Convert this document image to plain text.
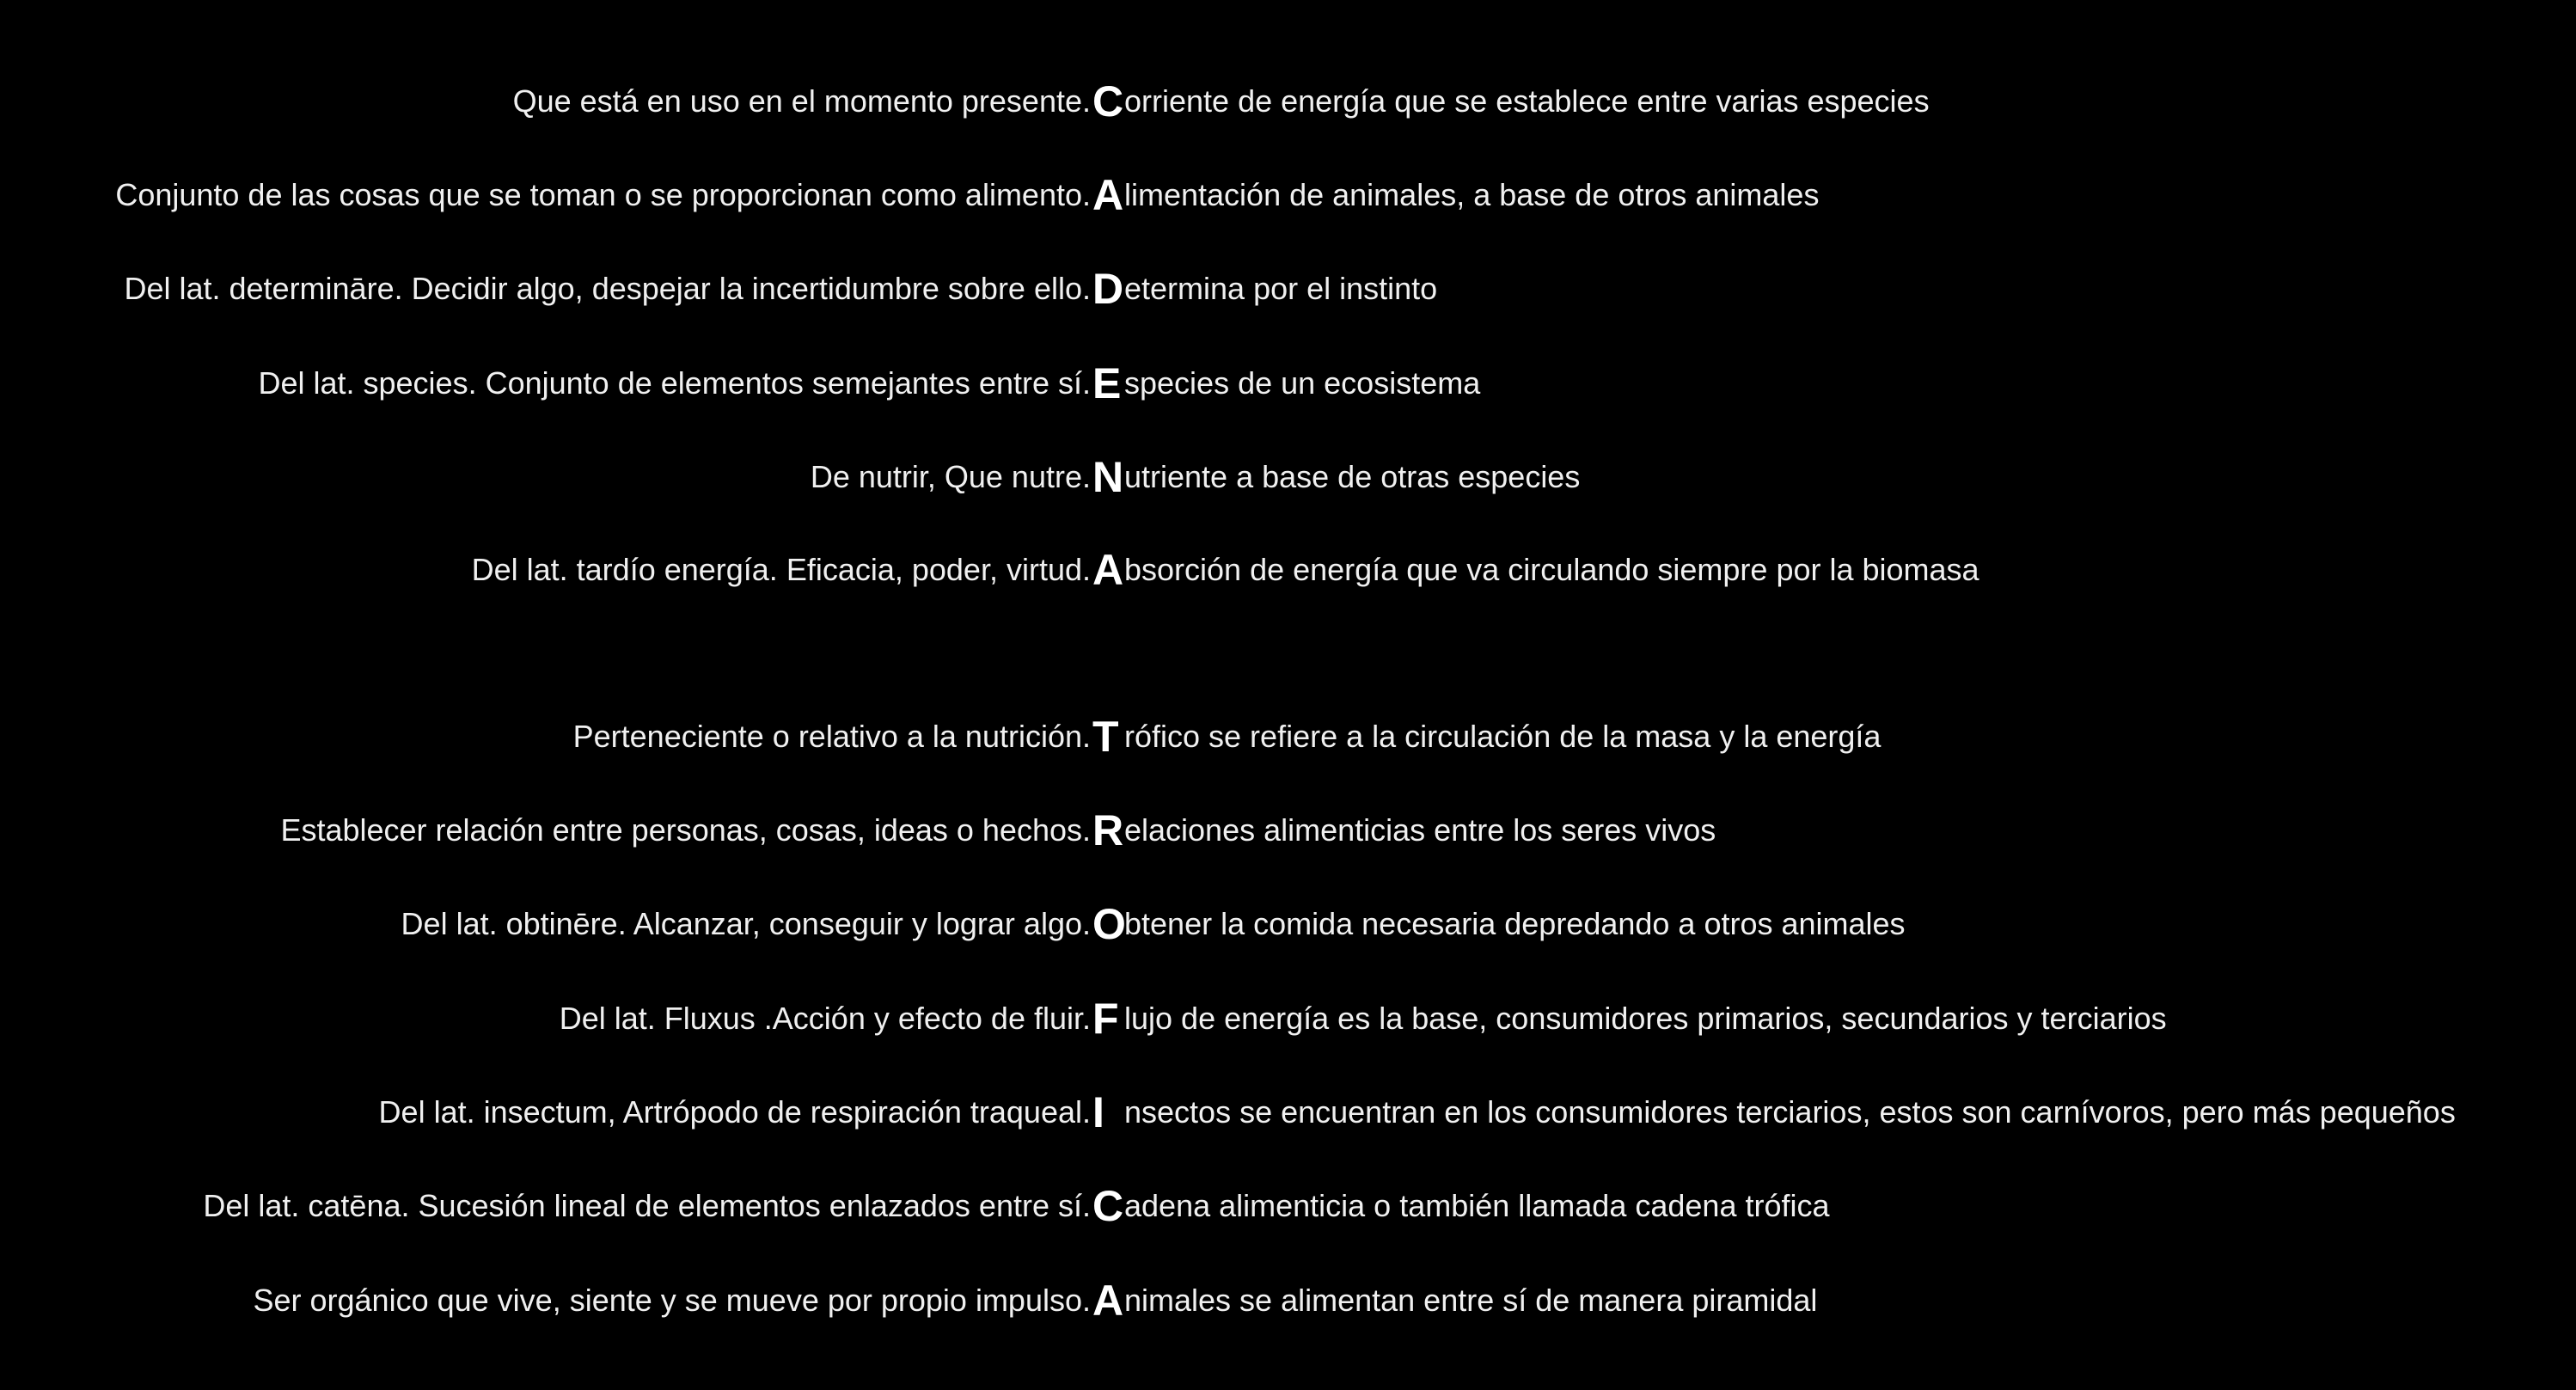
Que está en uso en el momento presente. C orriente de energía que se establece entre varias especies
Conjunto de las cosas que se toman o se proporcionan como alimento. A limentación de animales, a base de otros animales
Del lat. determināre. Decidir algo, despejar la incertidumbre sobre ello. D etermina por el instinto
Del lat. species. Conjunto de elementos semejantes entre sí. E species de un ecosistema
De nutrir, Que nutre. N utriente a base de otras especies
Del lat. tardío energía. Eficacia, poder, virtud. A bsorción de energía que va circulando siempre por la biomasa
Perteneciente o relativo a la nutrición. T rófico se refiere a la circulación de la masa y la energía
Establecer relación entre personas, cosas, ideas o hechos. R elaciones alimenticias entre los seres vivos
Del lat. obtinēre. Alcanzar, conseguir y lograr algo. O
btener la comida necesaria depredando a otros animales
Del lat. Fluxus .Acción y efecto de fluir. F lujo de energía es la base, consumidores primarios, secundarios y terciarios
Del lat. insectum, Artrópodo de respiración traqueal. I nsectos se encuentran en los consumidores terciarios, estos son carnívoros, pero más pequeños
Del lat. catēna. Sucesión lineal de elementos enlazados entre sí. C adena alimenticia o también llamada cadena trófica
Ser orgánico que vive, siente y se mueve por propio impulso. A nimales se alimentan entre sí de manera piramidal
